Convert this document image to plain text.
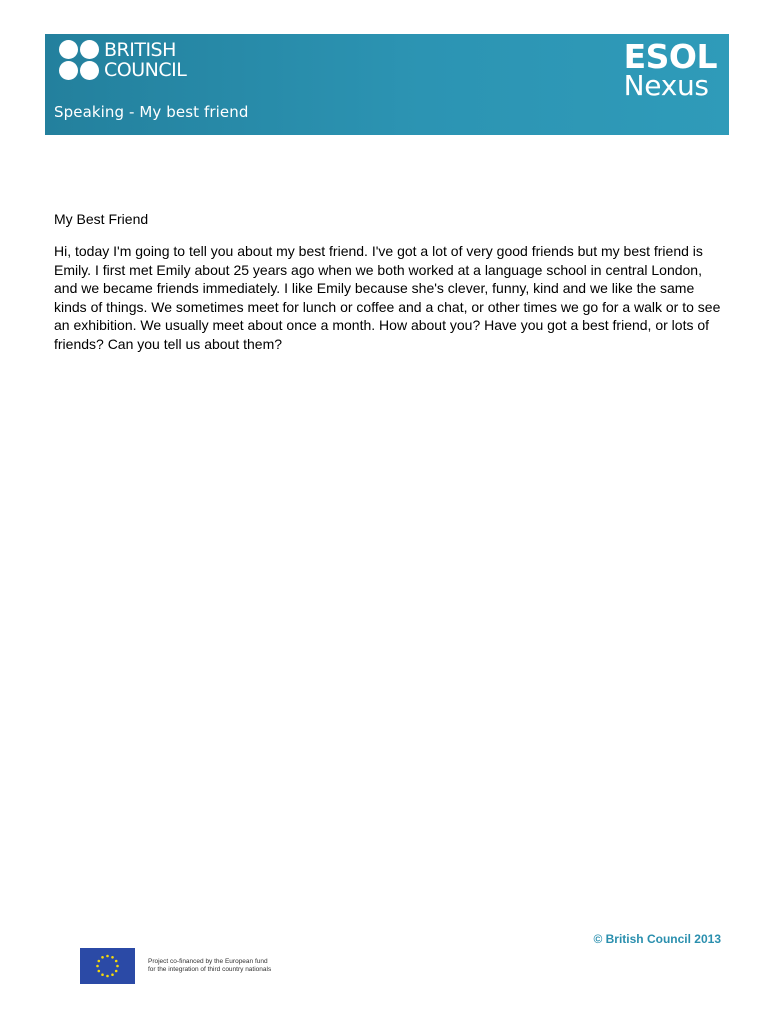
BRITISH
COUNCIL
Speaking - My best friend
ESOL
Nexus
My Best Friend

Hi, today I'm going to tell you about my best friend. I've got a lot of very good friends but my best friend is Emily. I first met Emily about 25 years ago when we both worked at a language school in central London, and we became friends immediately. I like Emily because she's clever, funny, kind and we like the same kinds of things. We sometimes meet for lunch or coffee and a chat, or other times we go for a walk or to see an exhibition. We usually meet about once a month. How about you? Have you got a best friend, or lots of friends? Can you tell us about them?

© British Council 2013
Project co-financed by the European fund for the integration of third country nationals
